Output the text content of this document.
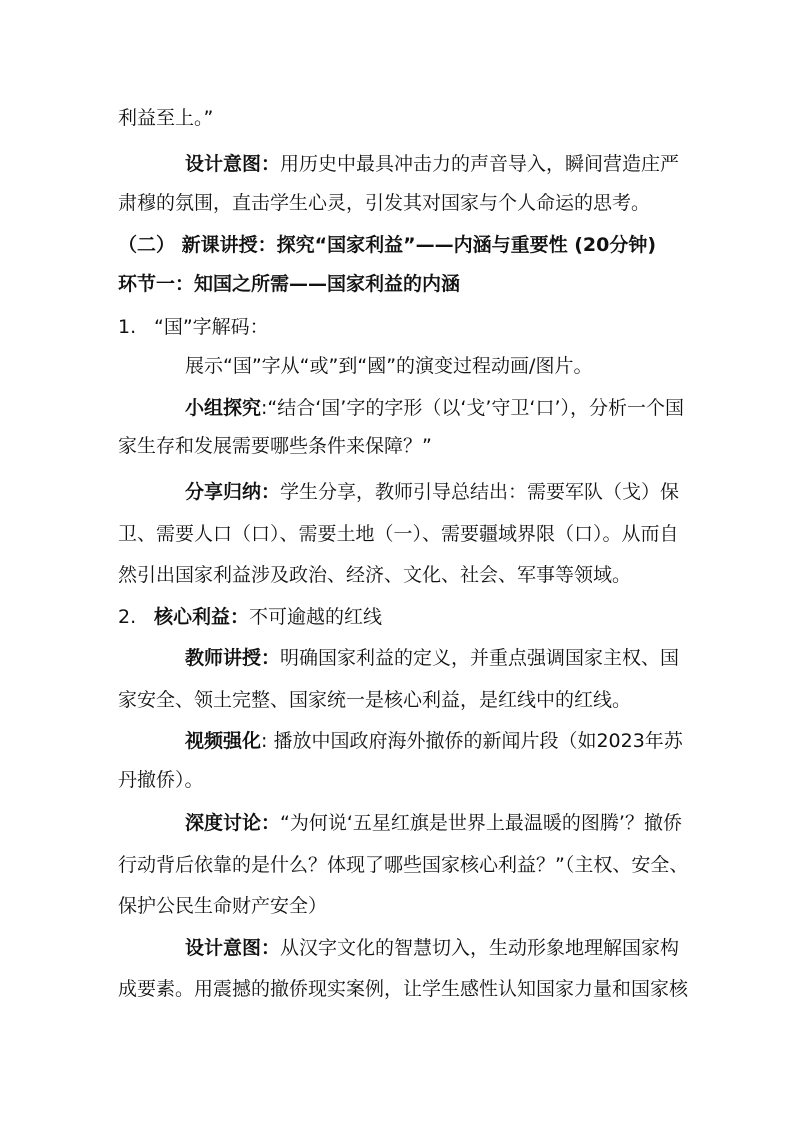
利益至上。”
设计意图：用历史中最具冲击力的声音导入，瞬间营造庄严
肃穆的氛围，直击学生心灵，引发其对国家与个人命运的思考。
（二） 新课讲授：探究“国家利益”——内涵与重要性 (20分钟)
环节一：知国之所需——国家利益的内涵
1. “国”字解码：
展示“国”字从“或”到“國”的演变过程动画/图片。
小组探究:“结合‘国’字的字形（以‘戈’守卫‘口’），分析一个国
家生存和发展需要哪些条件来保障？”
分享归纳：学生分享，教师引导总结出：需要军队（戈）保
卫、需要人口（口）、需要土地（一）、需要疆域界限（口）。从而自
然引出国家利益涉及政治、经济、文化、社会、军事等领域。
2. 核心利益：不可逾越的红线
教师讲授：明确国家利益的定义，并重点强调国家主权、国
家安全、领土完整、国家统一是核心利益，是红线中的红线。
视频强化: 播放中国政府海外撤侨的新闻片段（如2023年苏
丹撤侨）。
深度讨论：“为何说‘五星红旗是世界上最温暖的图腾’？撤侨
行动背后依靠的是什么？体现了哪些国家核心利益？”（主权、安全、
保护公民生命财产安全）
设计意图：从汉字文化的智慧切入，生动形象地理解国家构
成要素。用震撼的撤侨现实案例，让学生感性认知国家力量和国家核
